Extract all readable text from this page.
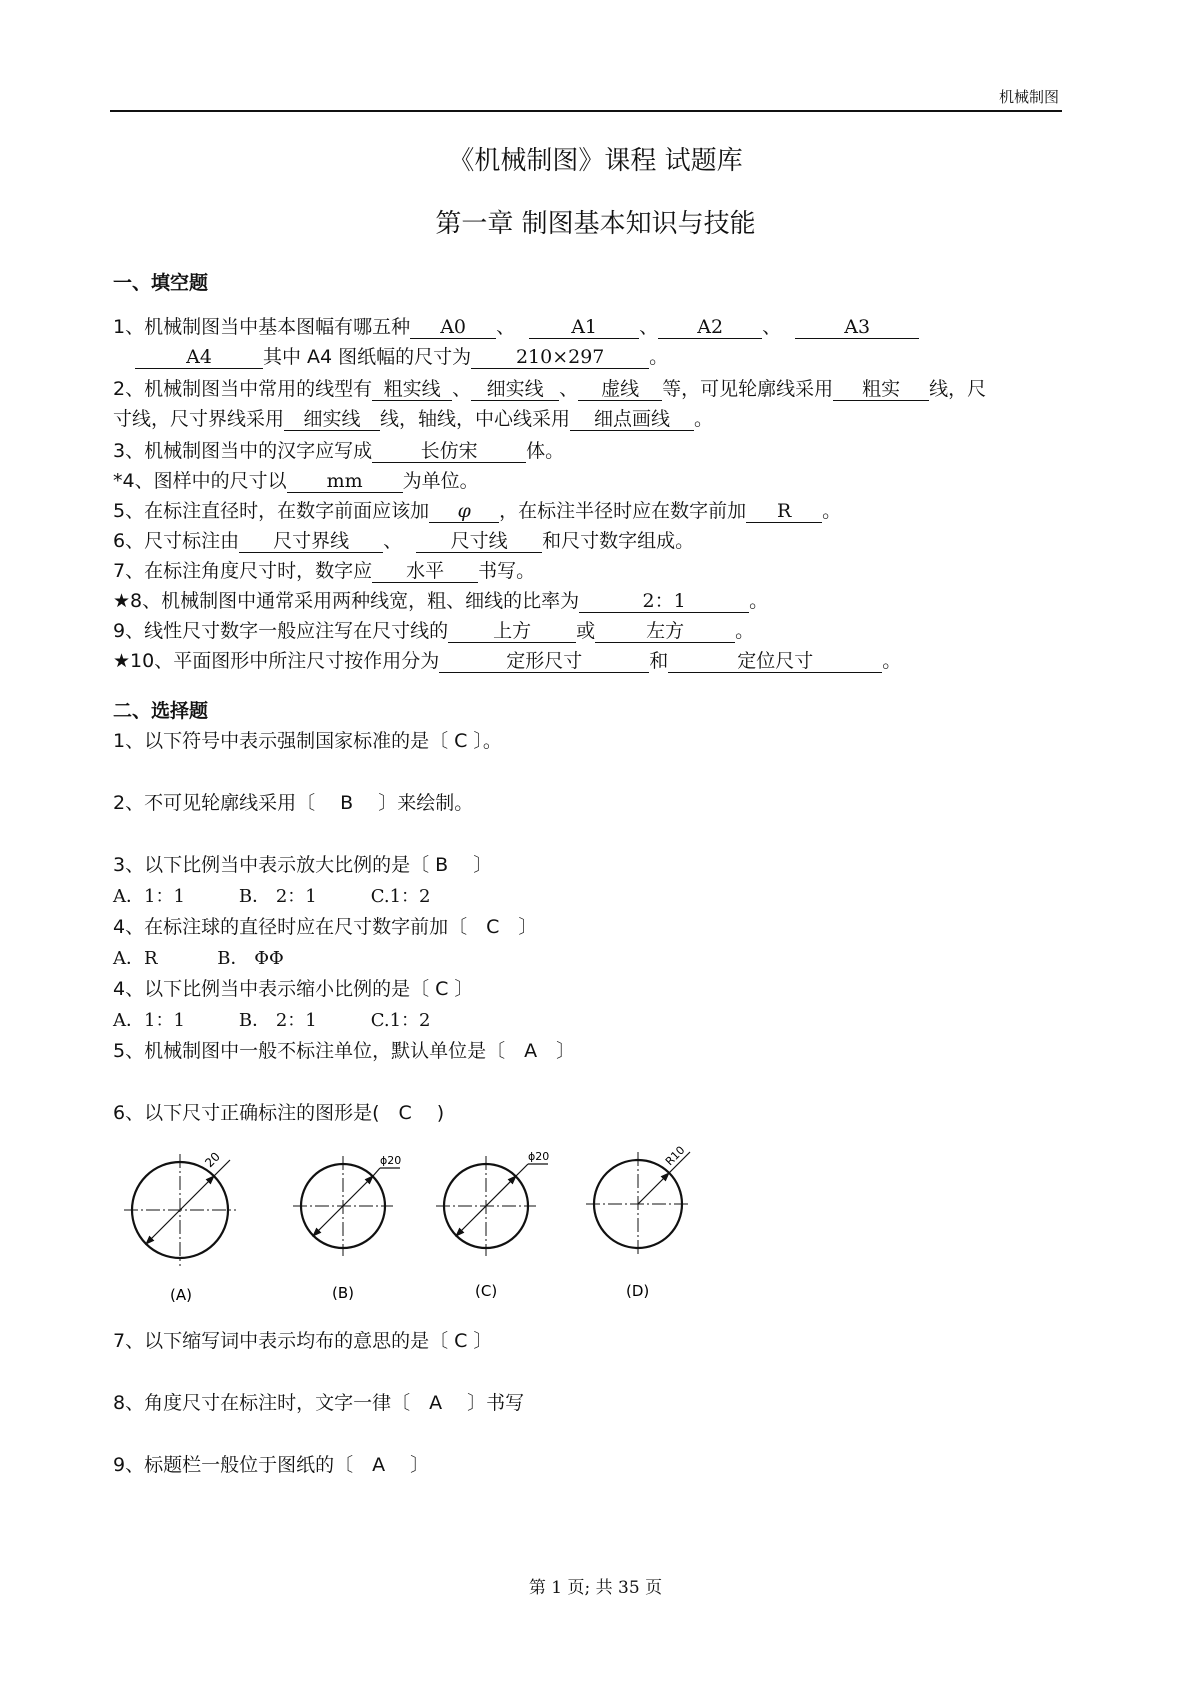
机械制图
《机械制图》课程 试题库
第一章 制图基本知识与技能
一、填空题
1、机械制图当中基本图幅有哪五种 A0 、	A1 、 A2 、	A3
A4	其中 A4 图纸幅的尺寸为 210×297 。
2、机械制图当中常用的线型有 粗实线 、 细实线 、 虚线 等，可见轮廓线采用 粗实 线，尺
寸线，尺寸界线采用 细实线 线，轴线，中心线采用 细点画线 。
3、机械制图当中的汉字应写成	长仿宋	体。
*4、图样中的尺寸以 mm 为单位。
5、在标注直径时，在数字前面应该加 φ ，在标注半径时应在数字前加 R 。
6、尺寸标注由 尺寸界线 、	尺寸线 和尺寸数字组成。
7、在标注角度尺寸时，数字应 水平 书写。
★8、机械制图中通常采用两种线宽，粗、细线的比率为	2：1	。
9、线性尺寸数字一般应注写在尺寸线的 上方 或	左方	。
★10、平面图形中所注尺寸按作用分为	定形尺寸	和	定位尺寸	。
二、选择题
1、以下符号中表示强制国家标准的是〔 C 〕。
2、不可见轮廓线采用〔　 B　 〕来绘制。
3、以下比例当中表示放大比例的是〔 B　 〕
A．1：1　　　B． 2：1　　　C.1：2
4、在标注球的直径时应在尺寸数字前加〔　C　〕
A．R　　　 B． ΦΦ
4、以下比例当中表示缩小比例的是〔 C 〕
A．1：1　　　B． 2：1　　　C.1：2
5、机械制图中一般不标注单位，默认单位是〔　A　〕
6、以下尺寸正确标注的图形是(　C　 )
20
(A)
ϕ20
(B)
ϕ20
(C)
R10
(D)
7、以下缩写词中表示均布的意思的是〔 C 〕
8、角度尺寸在标注时，文字一律〔　A　 〕书写
9、标题栏一般位于图纸的〔　A　 〕
第 1 页; 共 35 页
